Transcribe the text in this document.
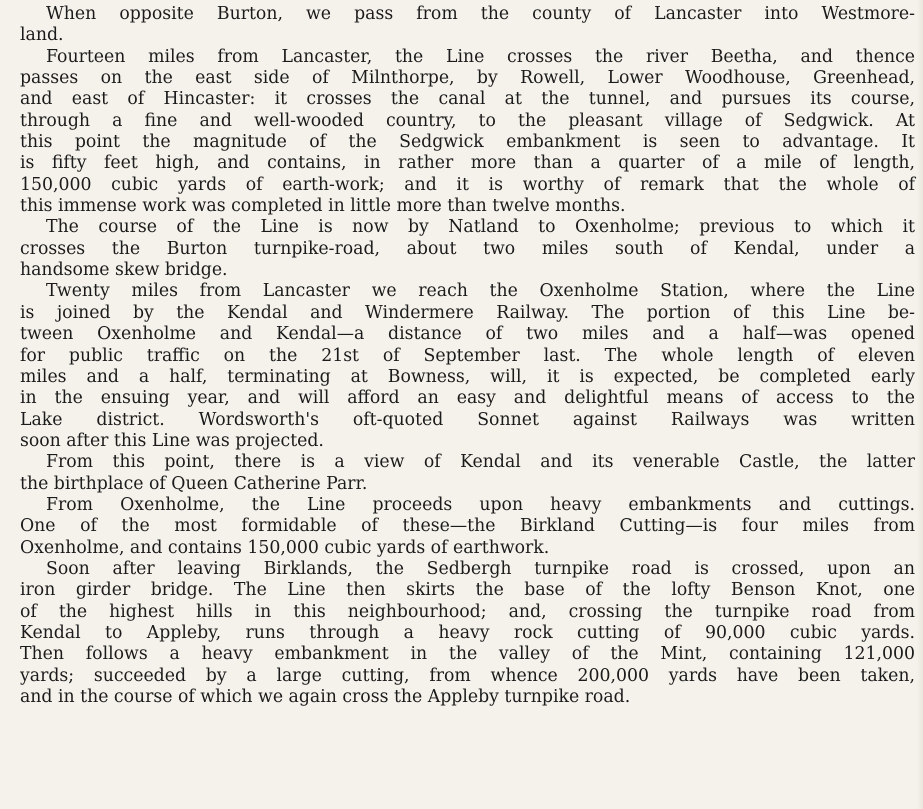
When opposite Burton, we pass from the county of Lancaster into Westmore-
land.

Fourteen miles from Lancaster, the Line crosses the river Beetha, and thence
passes on the east side of Milnthorpe, by Rowell, Lower Woodhouse, Greenhead,
and east of Hincaster: it crosses the canal at the tunnel, and pursues its course,
through a fine and well-wooded country, to the pleasant village of Sedgwick. At
this point the magnitude of the Sedgwick embankment is seen to advantage. It
is fifty feet high, and contains, in rather more than a quarter of a mile of length,
150,000 cubic yards of earth-work; and it is worthy of remark that the whole of
this immense work was completed in little more than twelve months.

The course of the Line is now by Natland to Oxenholme; previous to which it
crosses the Burton turnpike-road, about two miles south of Kendal, under a
handsome skew bridge.

Twenty miles from Lancaster we reach the Oxenholme Station, where the Line
is joined by the Kendal and Windermere Railway. The portion of this Line be-
tween Oxenholme and Kendal—a distance of two miles and a half—was opened
for public traffic on the 21st of September last. The whole length of eleven
miles and a half, terminating at Bowness, will, it is expected, be completed early
in the ensuing year, and will afford an easy and delightful means of access to the
Lake district. Wordsworth's oft-quoted Sonnet against Railways was written
soon after this Line was projected.

From this point, there is a view of Kendal and its venerable Castle, the latter
the birthplace of Queen Catherine Parr.

From Oxenholme, the Line proceeds upon heavy embankments and cuttings.
One of the most formidable of these—the Birkland Cutting—is four miles from
Oxenholme, and contains 150,000 cubic yards of earthwork.

Soon after leaving Birklands, the Sedbergh turnpike road is crossed, upon an
iron girder bridge. The Line then skirts the base of the lofty Benson Knot, one
of the highest hills in this neighbourhood; and, crossing the turnpike road from
Kendal to Appleby, runs through a heavy rock cutting of 90,000 cubic yards.
Then follows a heavy embankment in the valley of the Mint, containing 121,000
yards; succeeded by a large cutting, from whence 200,000 yards have been taken,
and in the course of which we again cross the Appleby turnpike road.
